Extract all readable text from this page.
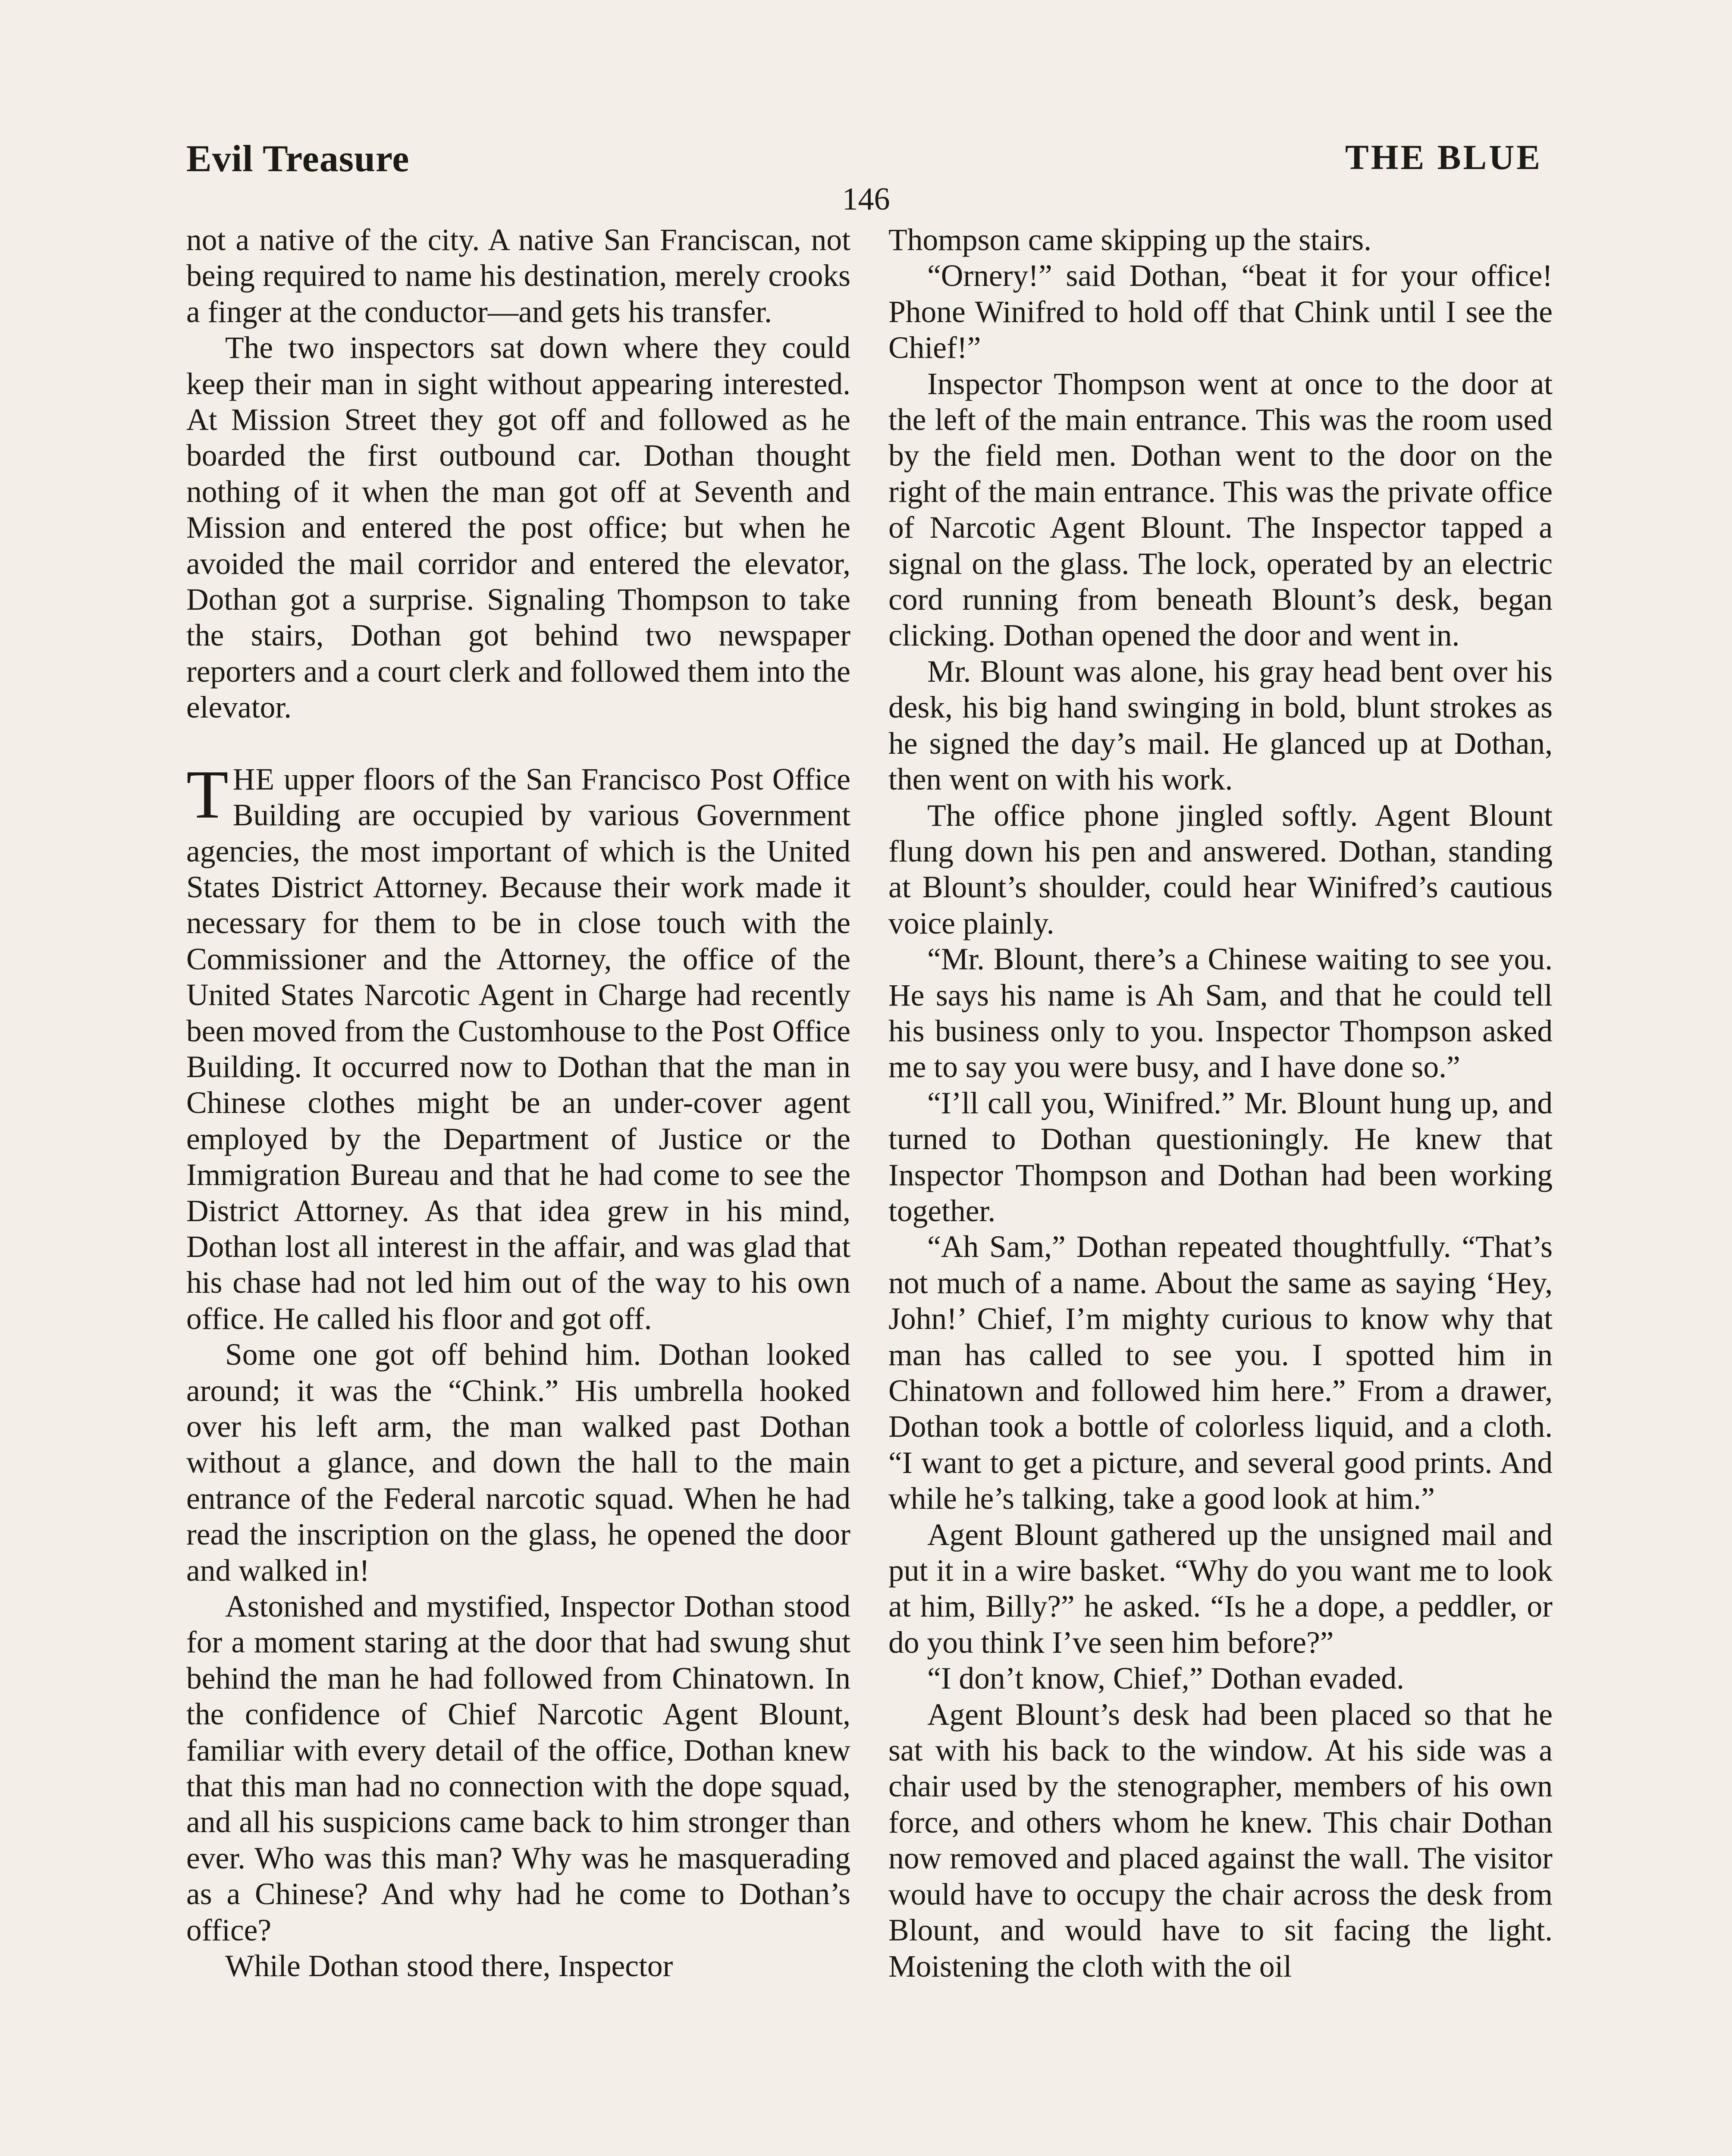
Evil Treasure	THE BLUE
146

not a native of the city. A native San Franciscan, not being required to name his destination, merely crooks a finger at the conductor—and gets his transfer.

The two inspectors sat down where they could keep their man in sight without appearing interested. At Mission Street they got off and followed as he boarded the first outbound car. Dothan thought nothing of it when the man got off at Seventh and Mission and entered the post office; but when he avoided the mail corridor and entered the elevator, Dothan got a surprise. Signaling Thompson to take the stairs, Dothan got behind two newspaper reporters and a court clerk and followed them into the elevator.

THE upper floors of the San Francisco Post Office Building are occupied by various Government agencies, the most important of which is the United States District Attorney. Because their work made it necessary for them to be in close touch with the Commissioner and the Attorney, the office of the United States Narcotic Agent in Charge had recently been moved from the Customhouse to the Post Office Building. It occurred now to Dothan that the man in Chinese clothes might be an under-cover agent employed by the Department of Justice or the Immigration Bureau and that he had come to see the District Attorney. As that idea grew in his mind, Dothan lost all interest in the affair, and was glad that his chase had not led him out of the way to his own office. He called his floor and got off.

Some one got off behind him. Dothan looked around; it was the “Chink.” His umbrella hooked over his left arm, the man walked past Dothan without a glance, and down the hall to the main entrance of the Federal narcotic squad. When he had read the inscription on the glass, he opened the door and walked in!

Astonished and mystified, Inspector Dothan stood for a moment staring at the door that had swung shut behind the man he had followed from Chinatown. In the confidence of Chief Narcotic Agent Blount, familiar with every detail of the office, Dothan knew that this man had no connection with the dope squad, and all his suspicions came back to him stronger than ever. Who was this man? Why was he masquerading as a Chinese? And why had he come to Dothan’s office?

While Dothan stood there, Inspector

Thompson came skipping up the stairs.

“Ornery!” said Dothan, “beat it for your office! Phone Winifred to hold off that Chink until I see the Chief!”

Inspector Thompson went at once to the door at the left of the main entrance. This was the room used by the field men. Dothan went to the door on the right of the main entrance. This was the private office of Narcotic Agent Blount. The Inspector tapped a signal on the glass. The lock, operated by an electric cord running from beneath Blount’s desk, began clicking. Dothan opened the door and went in.

Mr. Blount was alone, his gray head bent over his desk, his big hand swinging in bold, blunt strokes as he signed the day’s mail. He glanced up at Dothan, then went on with his work.

The office phone jingled softly. Agent Blount flung down his pen and answered. Dothan, standing at Blount’s shoulder, could hear Winifred’s cautious voice plainly.

“Mr. Blount, there’s a Chinese waiting to see you. He says his name is Ah Sam, and that he could tell his business only to you. Inspector Thompson asked me to say you were busy, and I have done so.”

“I’ll call you, Winifred.” Mr. Blount hung up, and turned to Dothan questioningly. He knew that Inspector Thompson and Dothan had been working together.

“Ah Sam,” Dothan repeated thoughtfully. “That’s not much of a name. About the same as saying ‘Hey, John!’ Chief, I’m mighty curious to know why that man has called to see you. I spotted him in Chinatown and followed him here.” From a drawer, Dothan took a bottle of colorless liquid, and a cloth. “I want to get a picture, and several good prints. And while he’s talking, take a good look at him.”

Agent Blount gathered up the unsigned mail and put it in a wire basket. “Why do you want me to look at him, Billy?” he asked. “Is he a dope, a peddler, or do you think I’ve seen him before?”

“I don’t know, Chief,” Dothan evaded.

Agent Blount’s desk had been placed so that he sat with his back to the window. At his side was a chair used by the stenographer, members of his own force, and others whom he knew. This chair Dothan now removed and placed against the wall. The visitor would have to occupy the chair across the desk from Blount, and would have to sit facing the light. Moistening the cloth with the oil
